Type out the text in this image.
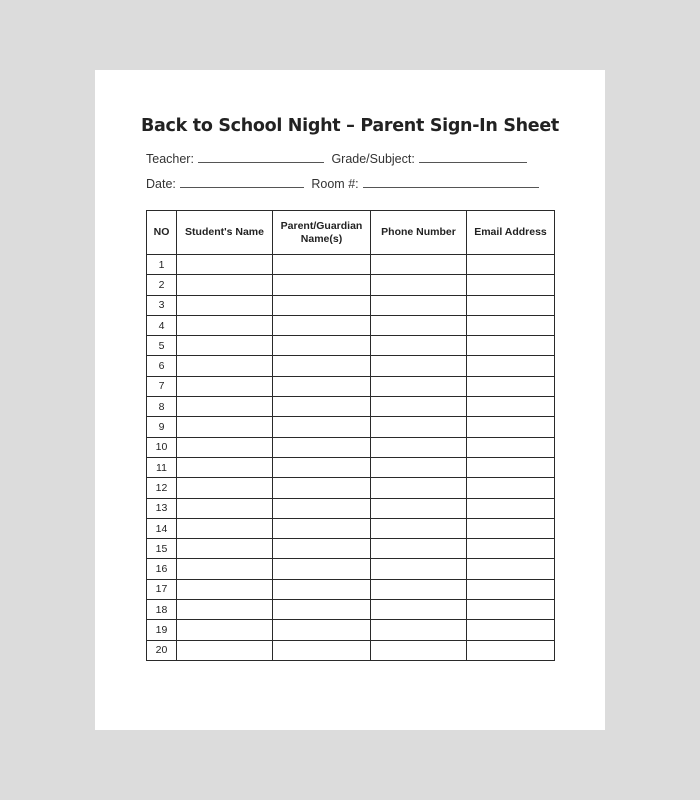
Back to School Night – Parent Sign-In Sheet
Teacher:	Grade/Subject:
Date:	Room #:
NO	Student's Name	Parent/Guardian Name(s)	Phone Number	Email Address
1				
2				
3				
4				
5				
6				
7				
8				
9				
10				
11				
12				
13				
14				
15				
16				
17				
18				
19				
20				
